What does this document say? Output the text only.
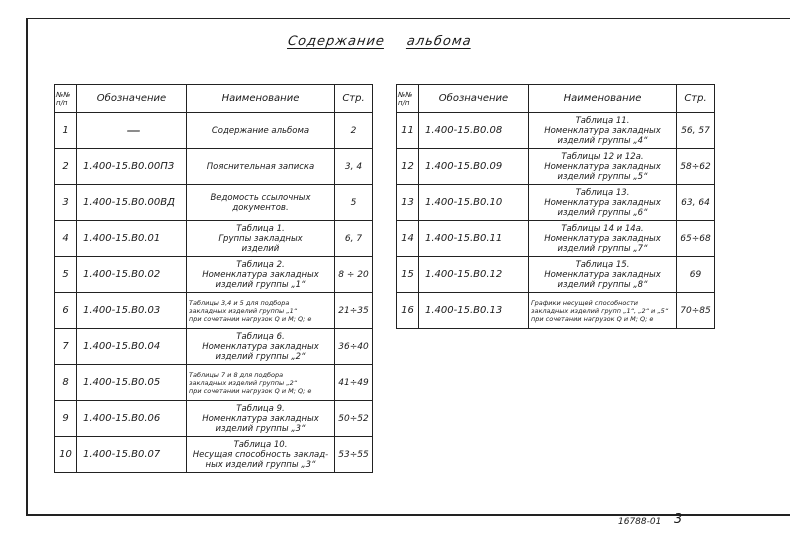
Содержание альбома
№№ п/п	Обозначение	Наименование	Стр.
1	—	Содержание альбома	2
2	1.400-15.В0.00ПЗ	Пояснительная записка	3, 4
3	1.400-15.В0.00ВД	Ведомость ссылочных
документов.	5
4	1.400-15.В0.01	Таблица 1.
Группы закладных
изделий	6, 7
5	1.400-15.В0.02	Таблица 2.
Номенклатура закладных
изделий группы „1“	8 ÷ 20
6	1.400-15.В0.03	Таблицы 3,4 и 5 для подбора
закладных изделий группы „1“
при сочетании нагрузок Q и M; Q; e	21÷35
7	1.400-15.В0.04	Таблица 6.
Номенклатура закладных
изделий группы „2“	36÷40
8	1.400-15.В0.05	Таблицы 7 и 8 для подбора
закладных изделий группы „2“
при сочетании нагрузок Q и M; Q; e	41÷49
9	1.400-15.В0.06	Таблица 9.
Номенклатура закладных
изделий группы „3“	50÷52
10	1.400-15.В0.07	Таблица 10.
Несущая способность заклад-
ных изделий группы „3“	53÷55
№№ п/п	Обозначение	Наименование	Стр.
11	1.400-15.В0.08	Таблица 11.
Номенклатура закладных
изделий группы „4“	56, 57
12	1.400-15.В0.09	Таблицы 12 и 12а.
Номенклатура закладных
изделий группы „5“	58÷62
13	1.400-15.В0.10	Таблица 13.
Номенклатура закладных
изделий группы „6“	63, 64
14	1.400-15.В0.11	Таблицы 14 и 14а.
Номенклатура закладных
изделий группы „7“	65÷68
15	1.400-15.В0.12	Таблица 15.
Номенклатура закладных
изделий группы „8“	69
16	1.400-15.В0.13	Графики несущей способности
закладных изделий групп „1“, „2“ и „5“
при сочетании нагрузок Q и M; Q; e	70÷85
16788-01 3
